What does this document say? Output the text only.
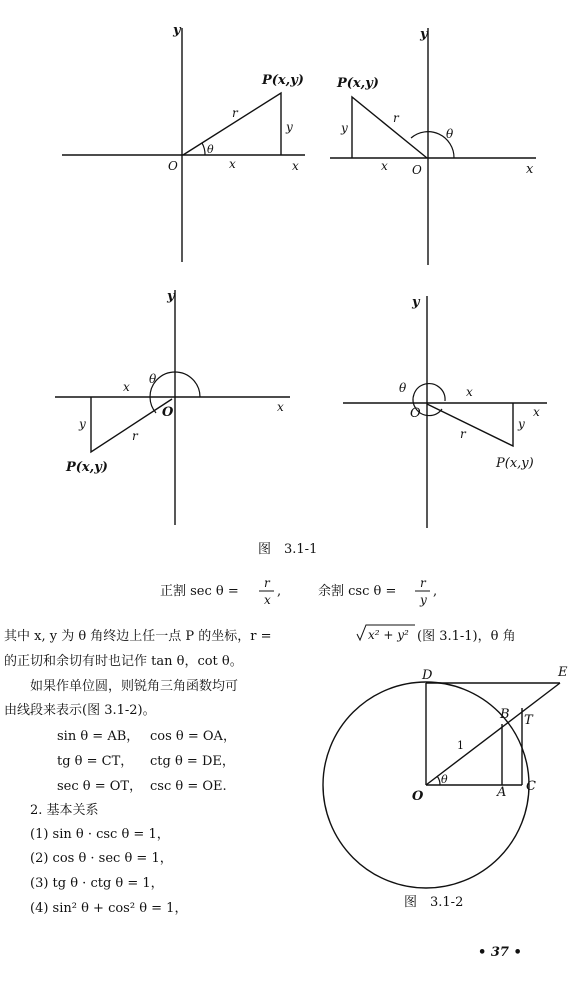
y
x
O
P(x,y)
r
y
x
θ
y
x
O
P(x,y)
r
y
x
θ
y
x
O
P(x,y)
r
y
x
θ
y
x
O
P(x,y)
r
y
x
θ
图　3.1-1
正割 sec θ =
r
x
,	余割 csc θ =
r
y
,
其中 x, y 为 θ 角终边上任一点 P 的坐标，r =	x² + y² (图 3.1-1)，θ 角
的正切和余切有时也记作 tan θ，cot θ。
如果作单位圆，则锐角三角函数均可
由线段来表示(图 3.1-2)。
sin θ = AB， cos θ = OA，
tg θ = CT， ctg θ = DE，
sec θ = OT， csc θ = OE.
2. 基本关系
(1) sin θ · csc θ = 1，
(2) cos θ · sec θ = 1，
(3) tg θ · ctg θ = 1，
(4) sin² θ + cos² θ = 1，
D	E
B T
O	A C
1
θ
图　3.1-2
• 37 •
